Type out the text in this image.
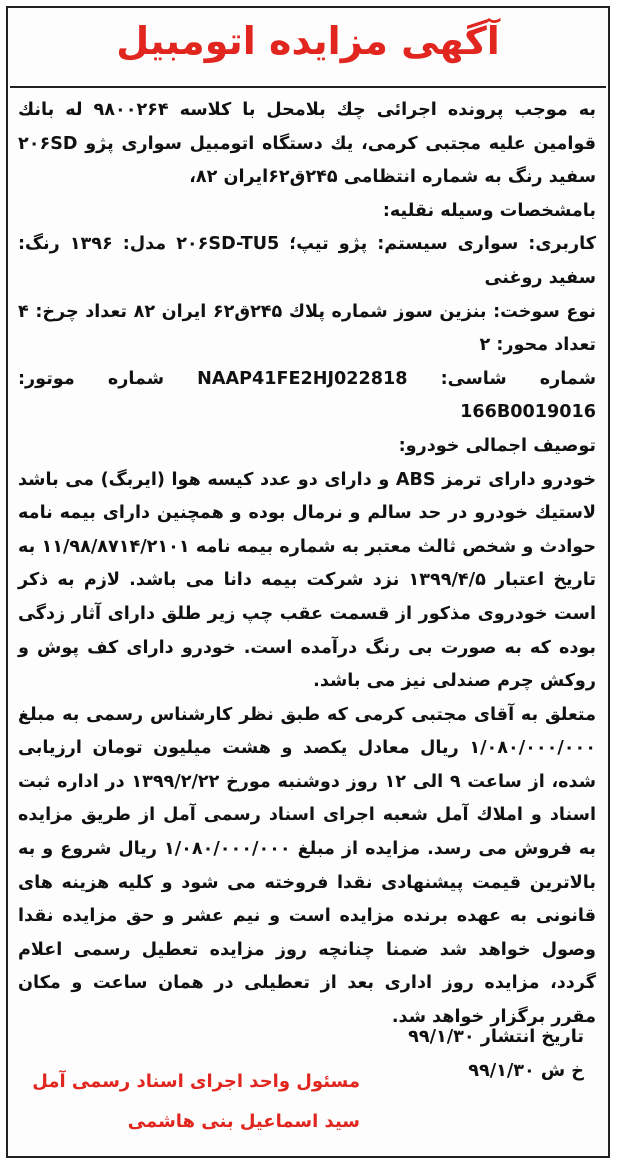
آگهی مزایده اتومبیل

به موجب پرونده اجرائی چك بلامحل با كلاسه ۹۸۰۰۲۶۴ له بانك قوامین علیه مجتبی كرمی، یك دستگاه اتومبیل سواری پژو ۲۰۶SD سفید رنگ به شماره انتظامی ۲۴۵ق۶۲ایران ۸۲،

بامشخصات وسیله نقلیه:

كاربری: سواری سیستم: پژو تیپ؛ ۲۰۶SD-TU5 مدل: ۱۳۹۶ رنگ: سفید روغنی

نوع سوخت: بنزین سوز شماره پلاك ۲۴۵ق۶۲ ایران ۸۲ تعداد چرخ: ۴ تعداد محور: ۲

شماره شاسی: NAAP41FE2HJ022818 شماره موتور: 166B0019016

توصیف اجمالی خودرو:

خودرو دارای ترمز ABS و دارای دو عدد كیسه هوا (ایربگ) می باشد لاستیك خودرو در حد سالم و نرمال بوده و همچنین دارای بیمه نامه حوادث و شخص ثالث معتبر به شماره بیمه نامه ۱۱/۹۸/۸۷۱۴/۲۱۰۱ به تاریخ اعتبار ۱۳۹۹/۴/۵ نزد شركت بیمه دانا می باشد. لازم به ذكر است خودروی مذكور از قسمت عقب چپ زیر طلق دارای آثار زدگی بوده كه به صورت بی رنگ درآمده است. خودرو دارای كف پوش و روكش چرم صندلی نیز می باشد.

متعلق به آقای مجتبی كرمی كه طبق نظر كارشناس رسمی به مبلغ ۱/۰۸۰/۰۰۰/۰۰۰ ریال معادل یكصد و هشت میلیون تومان ارزیابی شده، از ساعت ۹ الی ۱۲ روز دوشنبه مورخ ۱۳۹۹/۲/۲۲ در اداره ثبت اسناد و املاك آمل شعبه اجرای اسناد رسمی آمل از طریق مزایده به فروش می رسد. مزایده از مبلغ ۱/۰۸۰/۰۰۰/۰۰۰ ریال شروع و به بالاترین قیمت پیشنهادی نقدا فروخته می شود و كلیه هزینه های قانونی به عهده برنده مزایده است و نیم عشر و حق مزایده نقدا وصول خواهد شد ضمنا چنانچه روز مزایده تعطیل رسمی اعلام گردد، مزایده روز اداری بعد از تعطیلی در همان ساعت و مكان مقرر برگزار خواهد شد.

تاریخ انتشار ۹۹/۱/۳۰
خ ش ۹۹/۱/۳۰
مسئول واحد اجرای اسناد رسمی آمل
سید اسماعیل بنی هاشمی
